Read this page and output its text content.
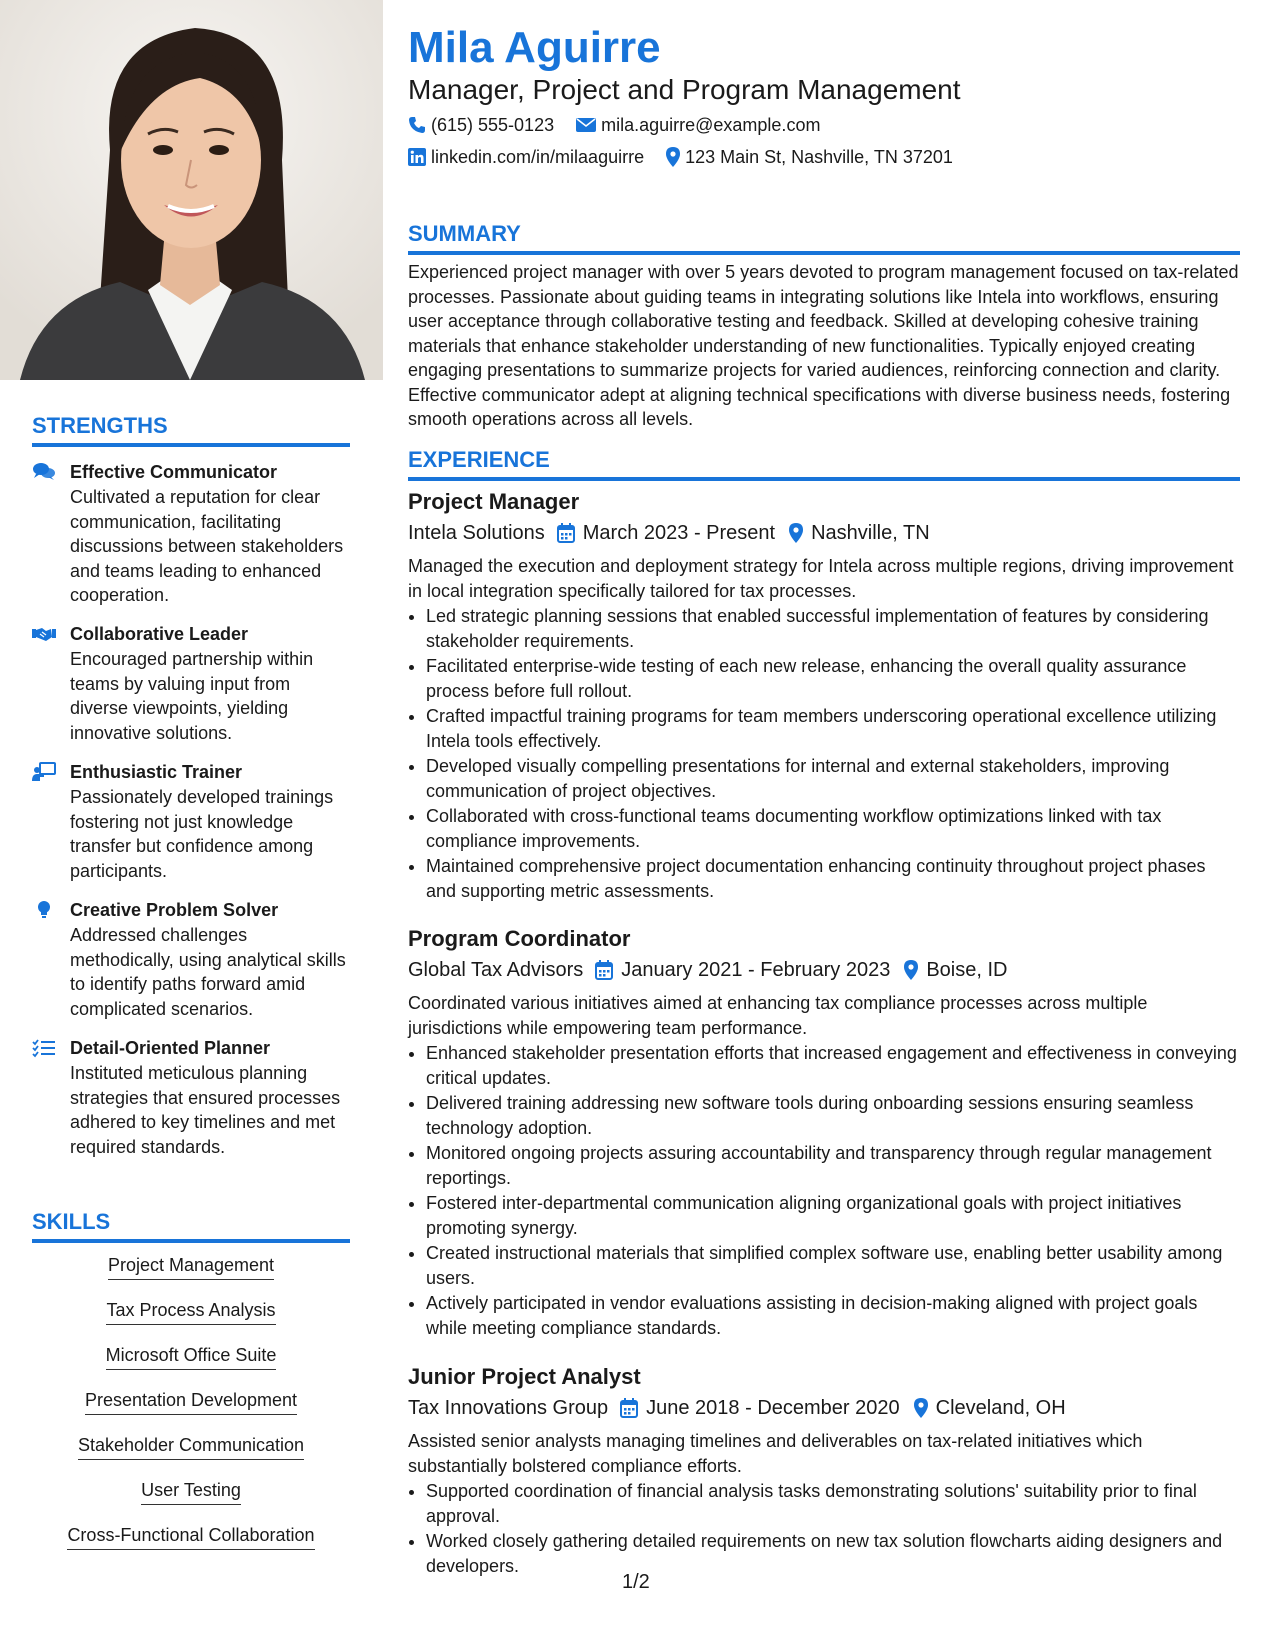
STRENGTHS

Effective Communicator

Cultivated a reputation for clear communication, facilitating discussions between stakeholders and teams leading to enhanced cooperation.

Collaborative Leader

Encouraged partnership within teams by valuing input from diverse viewpoints, yielding innovative solutions.

Enthusiastic Trainer

Passionately developed trainings fostering not just knowledge transfer but confidence among participants.

Creative Problem Solver

Addressed challenges methodically, using analytical skills to identify paths forward amid complicated scenarios.

Detail-Oriented Planner

Instituted meticulous planning strategies that ensured processes adhered to key timelines and met required standards.

SKILLS
Project Management
Tax Process Analysis
Microsoft Office Suite
Presentation Development
Stakeholder Communication
User Testing
Cross-Functional Collaboration
Mila Aguirre

Manager, Project and Program Management

(615) 555-0123	mila.aguirre@example.com
linkedin.com/in/milaaguirre 123 Main St, Nashville, TN 37201
SUMMARY

Experienced project manager with over 5 years devoted to program management focused on tax-related processes. Passionate about guiding teams in integrating solutions like Intela into workflows, ensuring user acceptance through collaborative testing and feedback. Skilled at developing cohesive training materials that enhance stakeholder understanding of new functionalities. Typically enjoyed creating engaging presentations to summarize projects for varied audiences, reinforcing connection and clarity. Effective communicator adept at aligning technical specifications with diverse business needs, fostering smooth operations across all levels.

EXPERIENCE

Project Manager

Intela Solutions March 2023 - Present Nashville, TN

Managed the execution and deployment strategy for Intela across multiple regions, driving improvement in local integration specifically tailored for tax processes.

• Led strategic planning sessions that enabled successful implementation of features by considering stakeholder requirements.
• Facilitated enterprise-wide testing of each new release, enhancing the overall quality assurance process before full rollout.
• Crafted impactful training programs for team members underscoring operational excellence utilizing Intela tools effectively.
• Developed visually compelling presentations for internal and external stakeholders, improving communication of project objectives.
• Collaborated with cross-functional teams documenting workflow optimizations linked with tax compliance improvements.
• Maintained comprehensive project documentation enhancing continuity throughout project phases and supporting metric assessments.

Program Coordinator

Global Tax Advisors January 2021 - February 2023 Boise, ID

Coordinated various initiatives aimed at enhancing tax compliance processes across multiple jurisdictions while empowering team performance.

• Enhanced stakeholder presentation efforts that increased engagement and effectiveness in conveying critical updates.
• Delivered training addressing new software tools during onboarding sessions ensuring seamless technology adoption.
• Monitored ongoing projects assuring accountability and transparency through regular management reportings.
• Fostered inter-departmental communication aligning organizational goals with project initiatives promoting synergy.
• Created instructional materials that simplified complex software use, enabling better usability among users.
• Actively participated in vendor evaluations assisting in decision-making aligned with project goals while meeting compliance standards.

Junior Project Analyst

Tax Innovations Group June 2018 - December 2020 Cleveland, OH

Assisted senior analysts managing timelines and deliverables on tax-related initiatives which substantially bolstered compliance efforts.

• Supported coordination of financial analysis tasks demonstrating solutions' suitability prior to final approval.
• Worked closely gathering detailed requirements on new tax solution flowcharts aiding designers and developers.
1/2
